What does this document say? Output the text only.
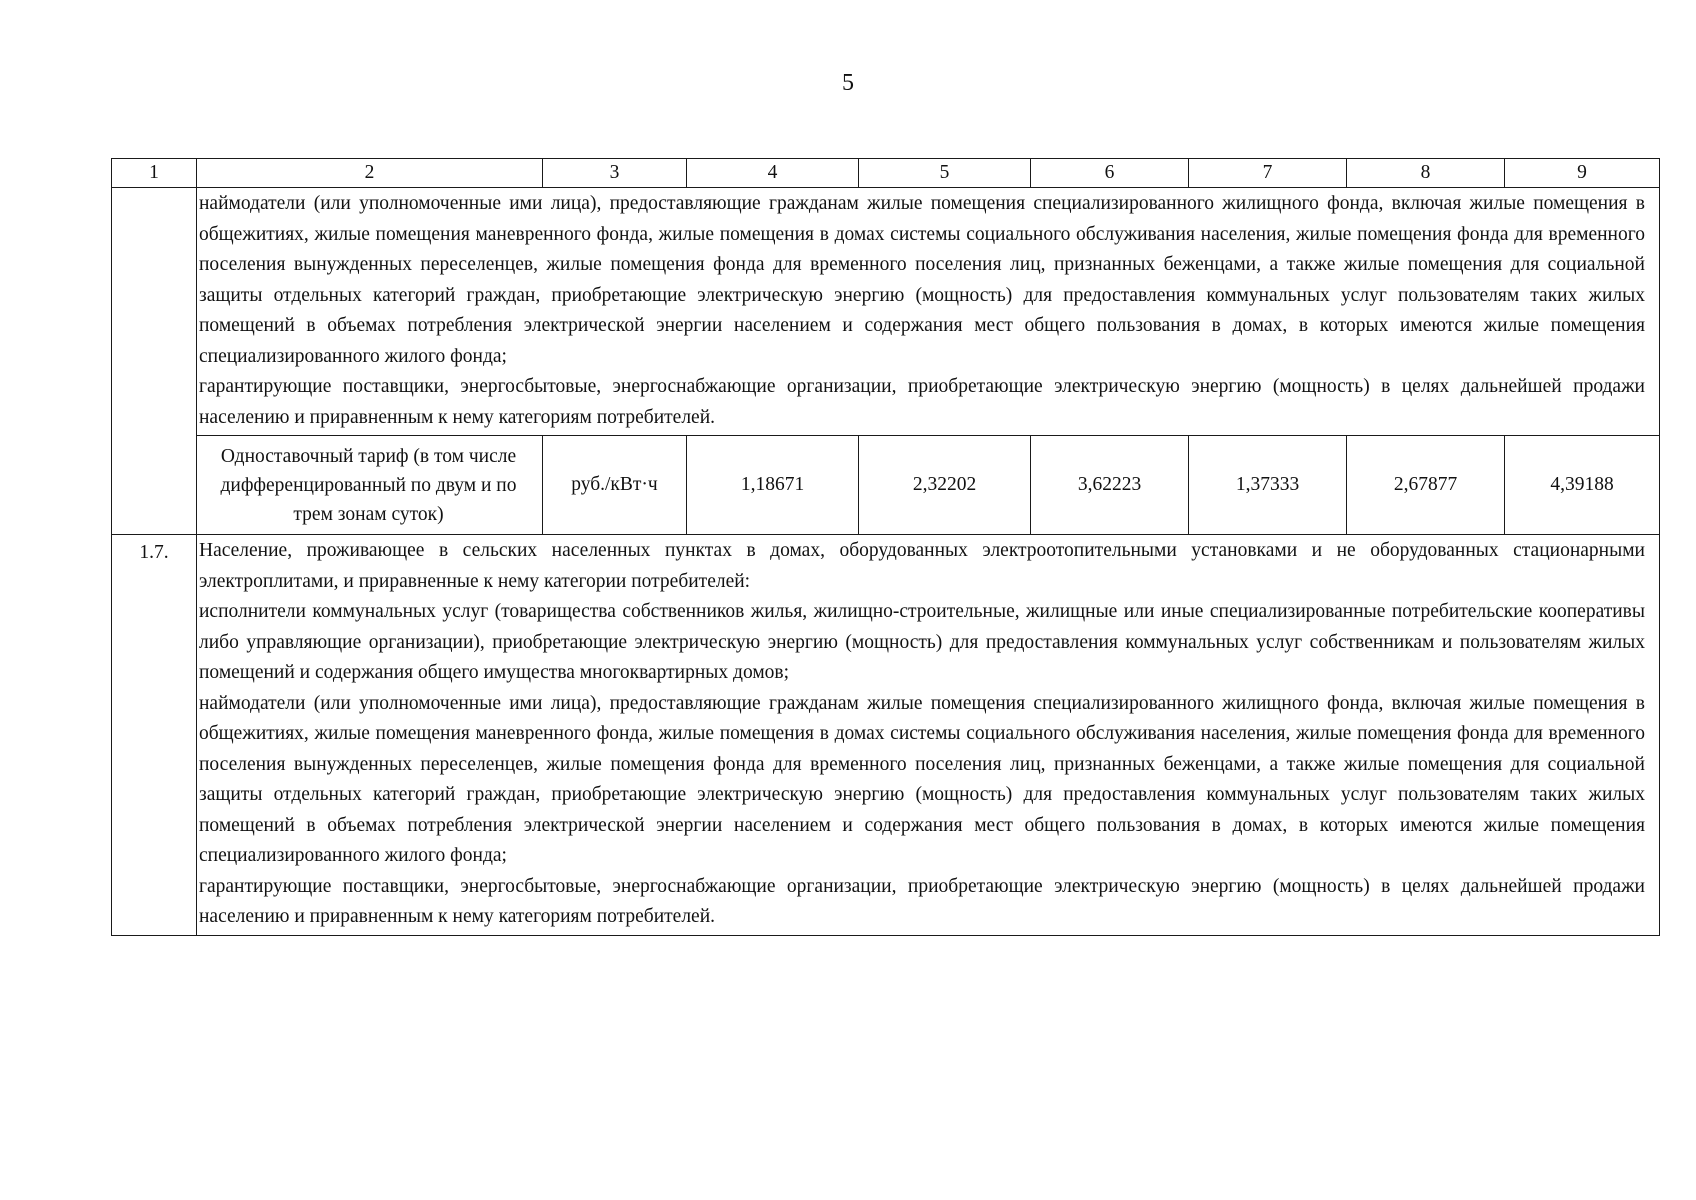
5
1	2	3	4	5	6	7	8	9

	наймодатели (или уполномоченные ими лица), предоставляющие гражданам жилые помещения специализированного жилищного фонда, включая жилые помещения в общежитиях, жилые помещения маневренного фонда, жилые помещения в домах системы социального обслуживания населения, жилые помещения фонда для временного поселения вынужденных переселенцев, жилые помещения фонда для временного поселения лиц, признанных беженцами, а также жилые помещения для социальной защиты отдельных категорий граждан, приобретающие электрическую энергию (мощность) для предоставления коммунальных услуг пользователям таких жилых помещений в объемах потребления электрической энергии населением и содержания мест общего пользования в домах, в которых имеются жилые помещения специализированного жилого фонда;

гарантирующие поставщики, энергосбытовые, энергоснабжающие организации, приобретающие электрическую энергию (мощность) в целях дальнейшей продажи населению и приравненным к нему категориям потребителей.							

	Одноставочный тариф (в том числе дифференцированный по двум и по трем зонам суток)	руб./кВт·ч	1,18671	2,32202	3,62223	1,37333	2,67877	4,39188
1.7.	Население, проживающее в сельских населенных пунктах в домах, оборудованных электроотопительными установками и не оборудованных стационарными электроплитами, и приравненные к нему категории потребителей:

исполнители коммунальных услуг (товарищества собственников жилья, жилищно-строительные, жилищные или иные специализированные потребительские кооперативы либо управляющие организации), приобретающие электрическую энергию (мощность) для предоставления коммунальных услуг собственникам и пользователям жилых помещений и содержания общего имущества многоквартирных домов;

наймодатели (или уполномоченные ими лица), предоставляющие гражданам жилые помещения специализированного жилищного фонда, включая жилые помещения в общежитиях, жилые помещения маневренного фонда, жилые помещения в домах системы социального обслуживания населения, жилые помещения фонда для временного поселения вынужденных переселенцев, жилые помещения фонда для временного поселения лиц, признанных беженцами, а также жилые помещения для социальной защиты отдельных категорий граждан, приобретающие электрическую энергию (мощность) для предоставления коммунальных услуг пользователям таких жилых помещений в объемах потребления электрической энергии населением и содержания мест общего пользования в домах, в которых имеются жилые помещения специализированного жилого фонда;

гарантирующие поставщики, энергосбытовые, энергоснабжающие организации, приобретающие электрическую энергию (мощность) в целях дальнейшей продажи населению и приравненным к нему категориям потребителей.							
